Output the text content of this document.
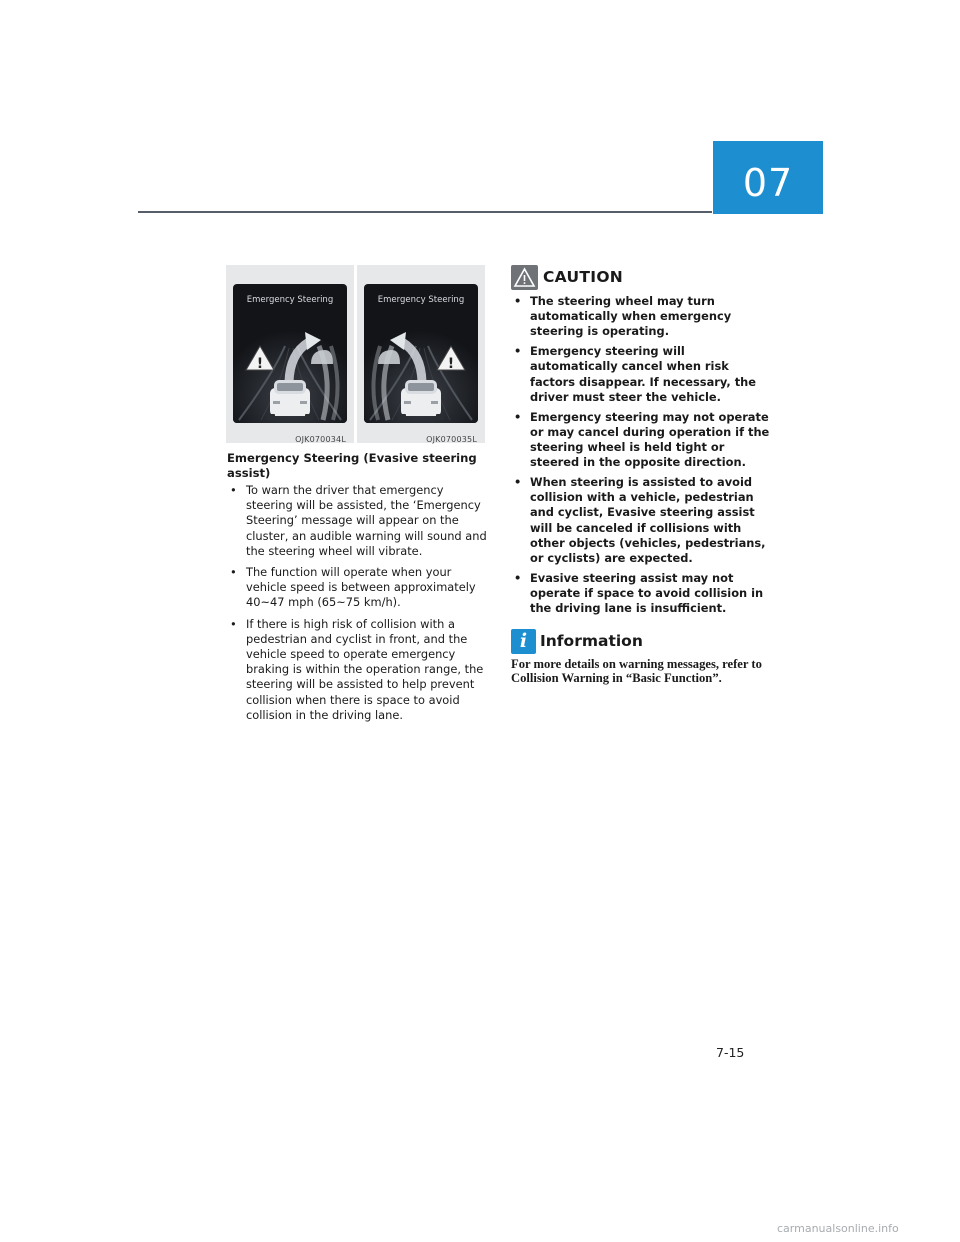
07
Emergency Steering
!
OJK070034L
Emergency Steering
!
OJK070035L
Emergency Steering (Evasive steering assist)
• To warn the driver that emergency steering will be assisted, the ‘Emergency Steering’ message will appear on the cluster, an audible warning will sound and the steering wheel will vibrate.
• The function will operate when your vehicle speed is between approximately 40~47 mph (65~75 km/h).
• If there is high risk of collision with a pedestrian and cyclist in front, and the vehicle speed to operate emergency braking is within the operation range, the steering will be assisted to help prevent collision when there is space to avoid collision in the driving lane.
CAUTION
• The steering wheel may turn automatically when emergency steering is operating.
• Emergency steering will automatically cancel when risk factors disappear. If necessary, the driver must steer the vehicle.
• Emergency steering may not operate or may cancel during operation if the steering wheel is held tight or steered in the opposite direction.
• When steering is assisted to avoid collision with a vehicle, pedestrian and cyclist, Evasive steering assist will be canceled if collisions with other objects (vehicles, pedestrians, or cyclists) are expected.
• Evasive steering assist may not operate if space to avoid collision in the driving lane is insufficient.
i Information
For more details on warning messages, refer to Collision Warning in “Basic Function”.
7-15
carmanualsonline.info
